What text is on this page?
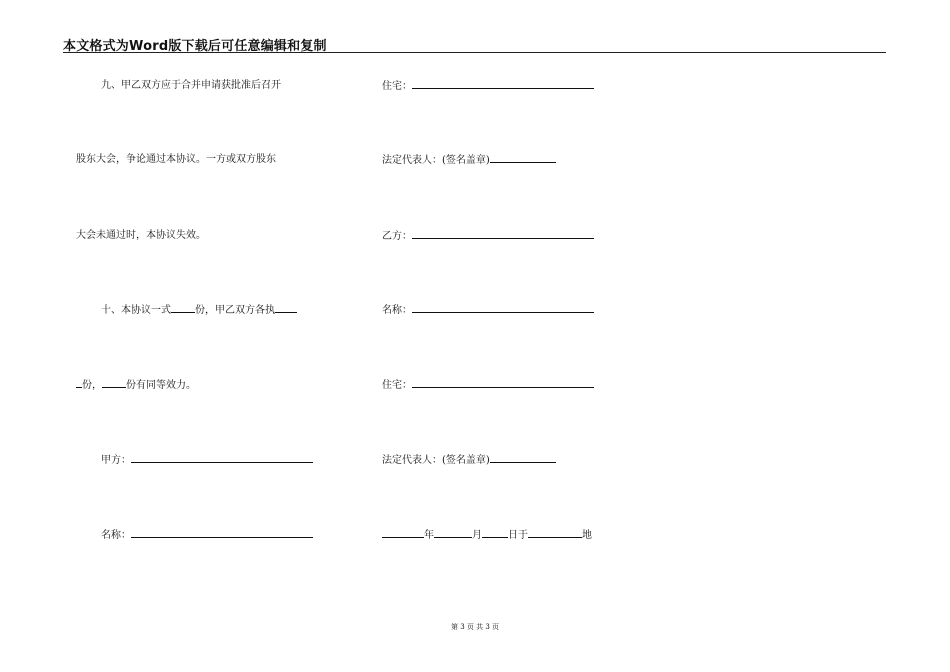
本文格式为Word版下载后可任意编辑和复制
九、甲乙双方应于合并申请获批准后召开
股东大会，争论通过本协议。一方或双方股东
大会未通过时，本协议失效。
十、本协议一式 份，甲乙双方各执
份， 份有同等效力。
甲方：
名称：
住宅：
法定代表人：(签名盖章)
乙方：
名称：
住宅：
法定代表人：(签名盖章)
年	月	日于	地
第 3 页 共 3 页
